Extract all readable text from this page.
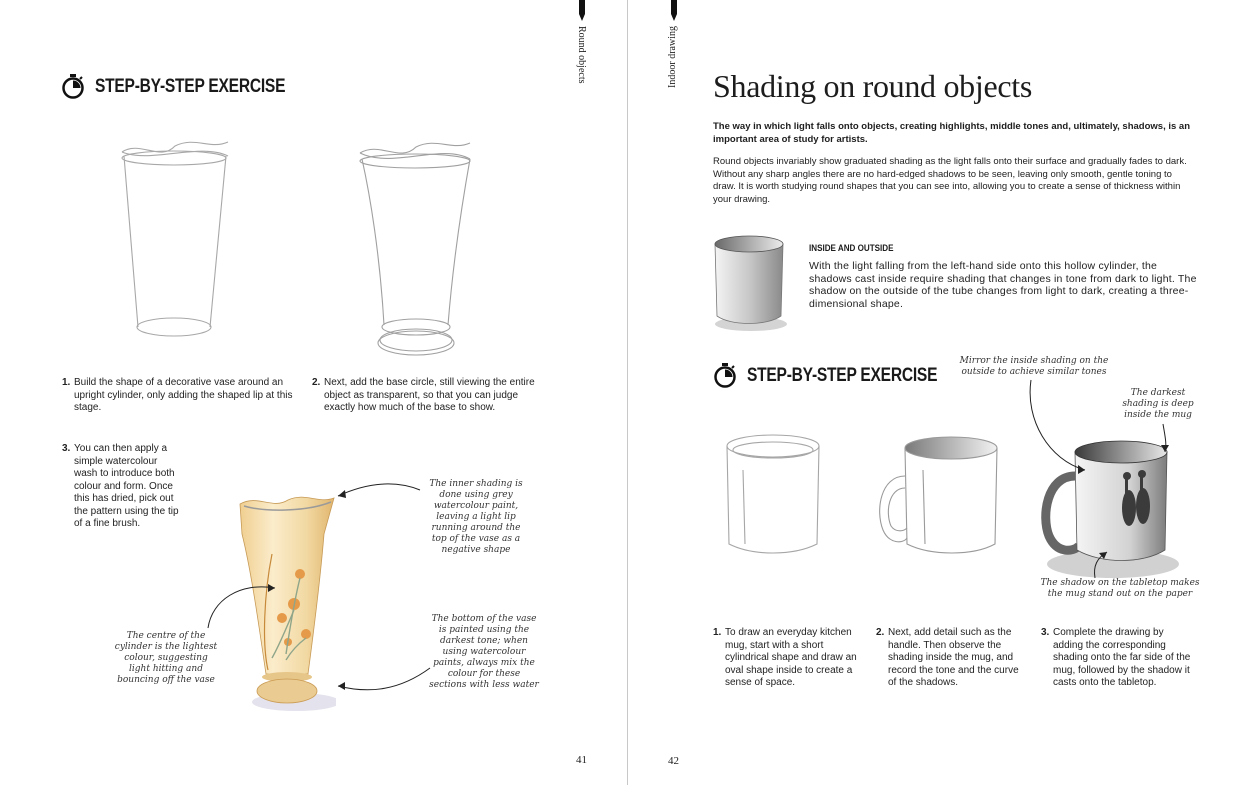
Round objects
STEP-BY-STEP EXERCISE
1. Build the shape of a decorative vase around an upright cylinder, only adding the shaped lip at this stage.
2. Next, add the base circle, still viewing the entire object as transparent, so that you can judge exactly how much of the base to show.
3. You can then apply a simple watercolour wash to introduce both colour and form. Once this has dried, pick out the pattern using the tip of a fine brush.
The inner shading is done using grey watercolour paint, leaving a light lip running around the top of the vase as a negative shape
The centre of the cylinder is the lightest colour, suggesting light hitting and bouncing off the vase
The bottom of the vase is painted using the darkest tone; when using watercolour paints, always mix the colour for these sections with less water
41
Indoor drawing Shading on round objects
The way in which light falls onto objects, creating highlights, middle tones and, ultimately, shadows, is an important area of study for artists.
Round objects invariably show graduated shading as the light falls onto their surface and gradually fades to dark. Without any sharp angles there are no hard-edged shadows to be seen, leaving only smooth, gentle toning to draw. It is worth studying round shapes that you can see into, allowing you to create a sense of thickness within your drawing.
INSIDE AND OUTSIDE
With the light falling from the left-hand side onto this hollow cylinder, the shadows cast inside require shading that changes in tone from dark to light. The shadow on the outside of the tube changes from light to dark, creating a three-dimensional shape.
STEP-BY-STEP EXERCISE
Mirror the inside shading on the outside to achieve similar tones
The darkest shading is deep inside the mug
The shadow on the tabletop makes the mug stand out on the paper
1. To draw an everyday kitchen mug, start with a short cylindrical shape and draw an oval shape inside to create a sense of space.
2. Next, add detail such as the handle. Then observe the shading inside the mug, and record the tone and the curve of the shadows.
3. Complete the drawing by adding the corresponding shading onto the far side of the mug, followed by the shadow it casts onto the tabletop.
42
